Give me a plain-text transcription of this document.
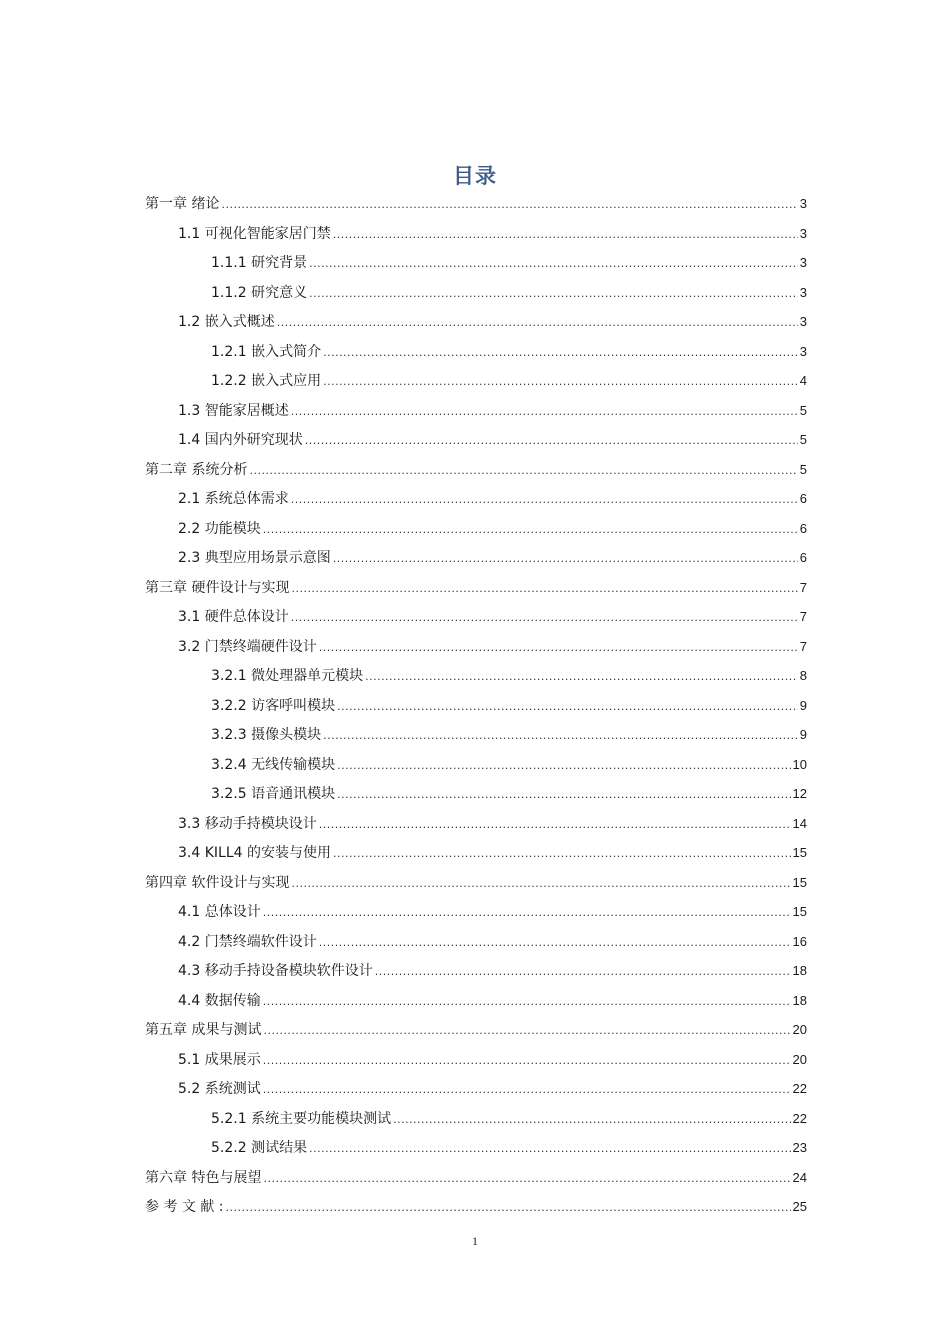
目录
第一章 绪论 .....	3
1.1 可视化智能家居门禁 .....	3
1.1.1 研究背景 .....	3
1.1.2 研究意义 .....	3
1.2 嵌入式概述 .....	3
1.2.1 嵌入式简介 .....	3
1.2.2 嵌入式应用 .....	4
1.3 智能家居概述 .....	5
1.4 国内外研究现状 .....	5
第二章 系统分析 .....	5
2.1 系统总体需求 .....	6
2.2 功能模块 .....	6
2.3 典型应用场景示意图 .....	6
第三章 硬件设计与实现 .....	7
3.1 硬件总体设计 .....	7
3.2 门禁终端硬件设计 .....	7
3.2.1 微处理器单元模块 .....	8
3.2.2 访客呼叫模块 .....	9
3.2.3 摄像头模块 .....	9
3.2.4 无线传输模块 .....	10
3.2.5 语音通讯模块 .....	12
3.3 移动手持模块设计 .....	14
3.4 KILL4 的安装与使用 .....	15
第四章 软件设计与实现 .....	15
4.1 总体设计 .....	15
4.2 门禁终端软件设计 .....	16
4.3 移动手持设备模块软件设计 .....	18
4.4 数据传输 .....	18
第五章 成果与测试 .....	20
5.1 成果展示 .....	20
5.2 系统测试 .....	22
5.2.1 系统主要功能模块测试 .....	22
5.2.2 测试结果 .....	23
第六章 特色与展望 .....	24
参 考 文 献 : .....	25
1
